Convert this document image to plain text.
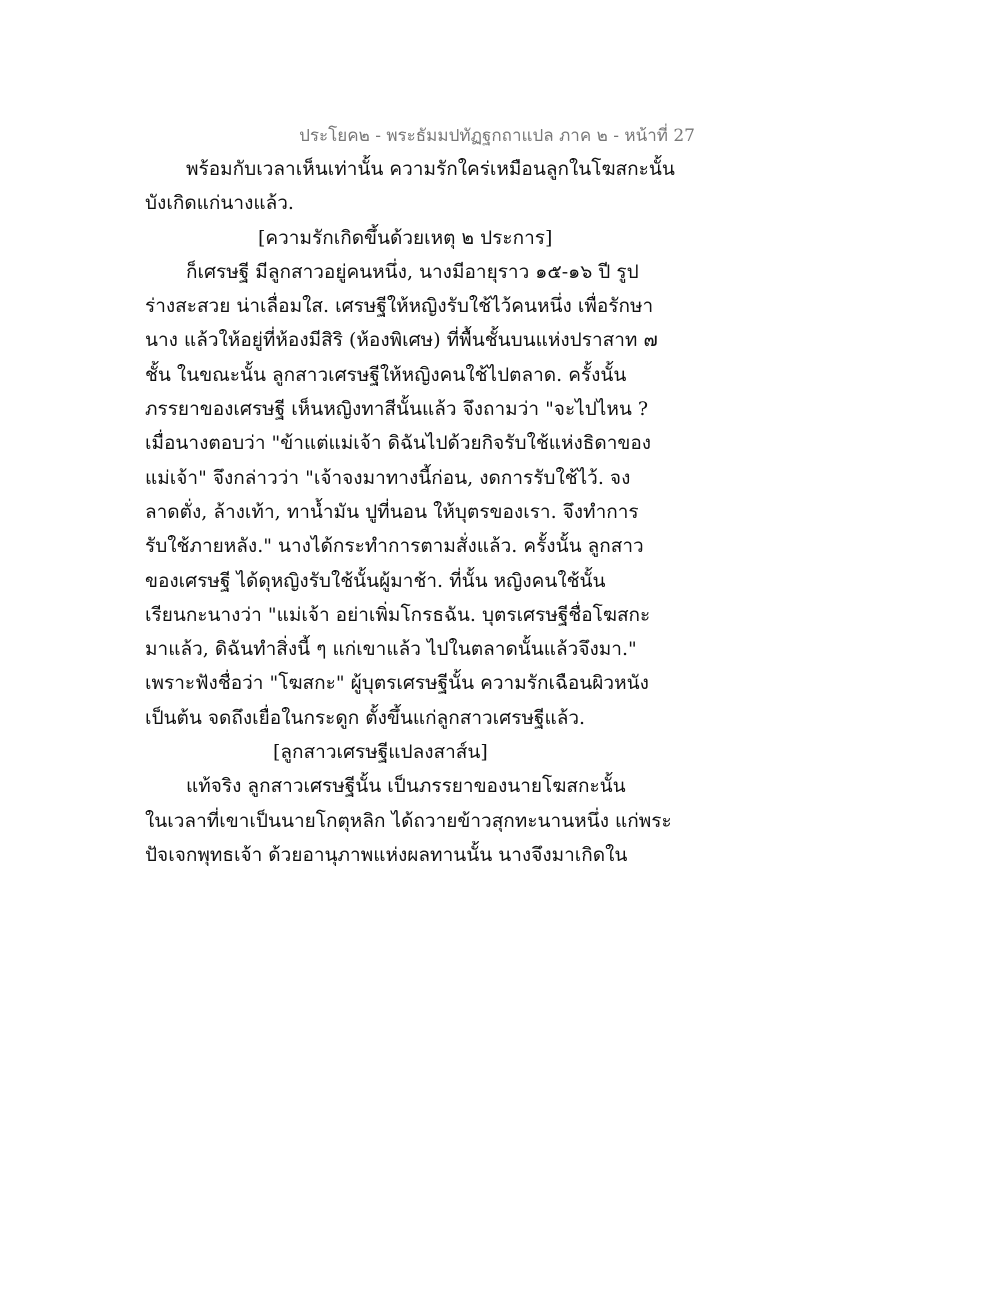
ประโยค๒ - พระธัมมปทัฏฐกถาแปล ภาค ๒ - หน้าที่ 27
พร้อมกับเวลาเห็นเท่านั้น ความรักใคร่เหมือนลูกในโฆสกะนั้น
บังเกิดแก่นางแล้ว.
[ความรักเกิดขึ้นด้วยเหตุ ๒ ประการ]
ก็เศรษฐี มีลูกสาวอยู่คนหนึ่ง, นางมีอายุราว ๑๕-๑๖ ปี รูป
ร่างสะสวย น่าเลื่อมใส. เศรษฐีให้หญิงรับใช้ไว้คนหนึ่ง เพื่อรักษา
นาง แล้วให้อยู่ที่ห้องมีสิริ (ห้องพิเศษ) ที่พื้นชั้นบนแห่งปราสาท ๗
ชั้น ในขณะนั้น ลูกสาวเศรษฐีให้หญิงคนใช้ไปตลาด. ครั้งนั้น
ภรรยาของเศรษฐี เห็นหญิงทาสีนั้นแล้ว จึงถามว่า "จะไปไหน ?
เมื่อนางตอบว่า "ข้าแต่แม่เจ้า ดิฉันไปด้วยกิจรับใช้แห่งธิดาของ
แม่เจ้า" จึงกล่าวว่า "เจ้าจงมาทางนี้ก่อน, งดการรับใช้ไว้. จง
ลาดตั่ง, ล้างเท้า, ทาน้ำมัน ปูที่นอน ให้บุตรของเรา. จึงทำการ
รับใช้ภายหลัง." นางได้กระทำการตามสั่งแล้ว. ครั้งนั้น ลูกสาว
ของเศรษฐี ได้ดุหญิงรับใช้นั้นผู้มาช้า. ที่นั้น หญิงคนใช้นั้น
เรียนกะนางว่า "แม่เจ้า อย่าเพิ่มโกรธฉัน. บุตรเศรษฐีชื่อโฆสกะ
มาแล้ว, ดิฉันทำสิ่งนี้ ๆ แก่เขาแล้ว ไปในตลาดนั้นแล้วจึงมา."
เพราะฟังชื่อว่า "โฆสกะ" ผู้บุตรเศรษฐีนั้น ความรักเฉือนผิวหนัง
เป็นต้น จดถึงเยื่อในกระดูก ตั้งขึ้นแก่ลูกสาวเศรษฐีแล้ว.
[ลูกสาวเศรษฐีแปลงสาส์น]
แท้จริง ลูกสาวเศรษฐีนั้น เป็นภรรยาของนายโฆสกะนั้น
ในเวลาที่เขาเป็นนายโกตุหลิก ได้ถวายข้าวสุกทะนานหนึ่ง แก่พระ
ปัจเจกพุทธเจ้า ด้วยอานุภาพแห่งผลทานนั้น นางจึงมาเกิดใน
